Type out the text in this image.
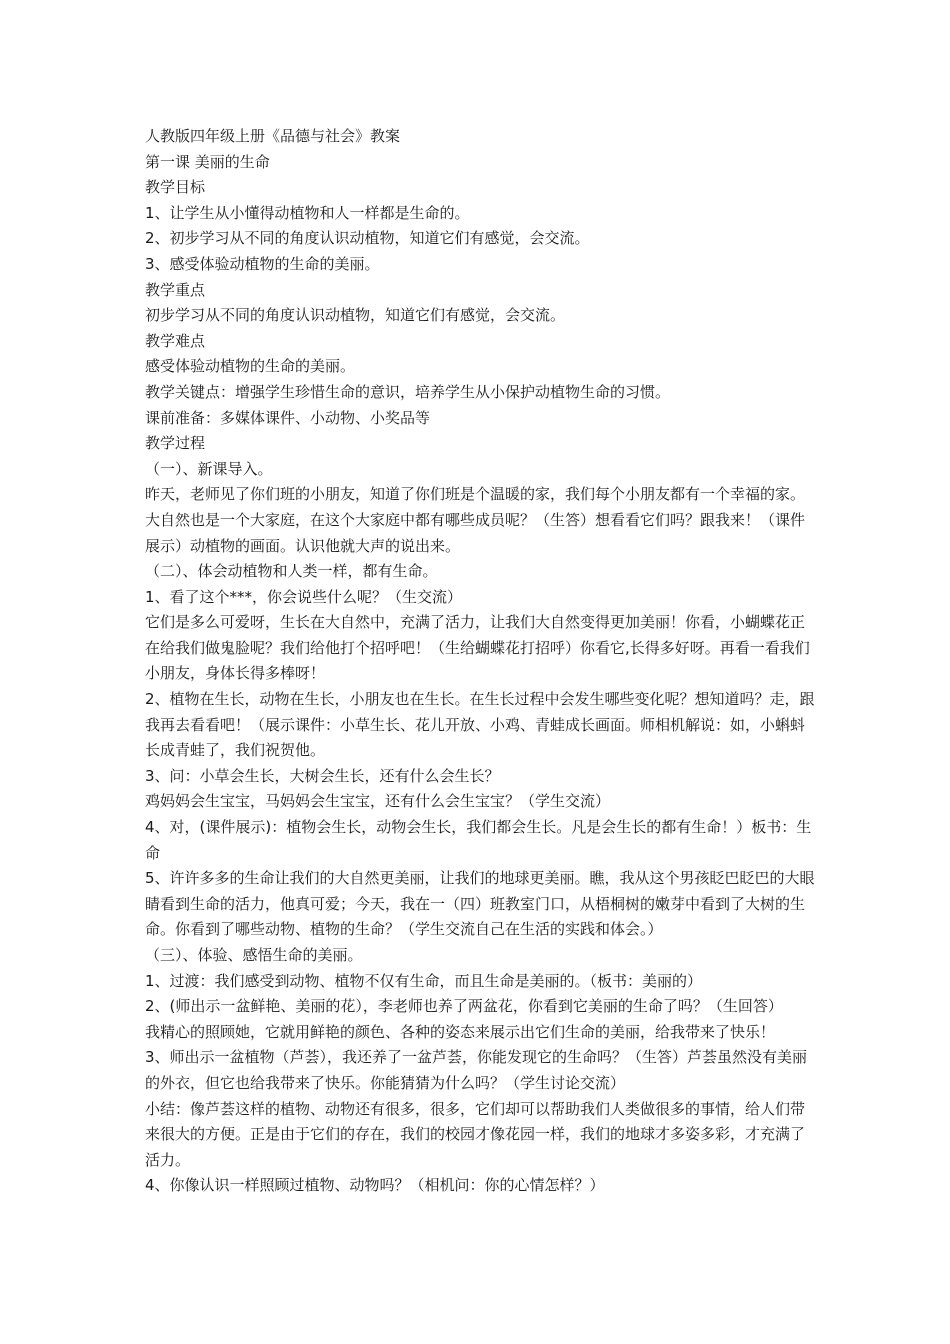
人教版四年级上册《品德与社会》教案

第一课 美丽的生命

教学目标

1、让学生从小懂得动植物和人一样都是生命的。

2、初步学习从不同的角度认识动植物，知道它们有感觉，会交流。

3、感受体验动植物的生命的美丽。

教学重点

初步学习从不同的角度认识动植物，知道它们有感觉，会交流。

教学难点

感受体验动植物的生命的美丽。

教学关键点：增强学生珍惜生命的意识，培养学生从小保护动植物生命的习惯。

课前准备：多媒体课件、小动物、小奖品等

教学过程

（一）、新课导入。

昨天，老师见了你们班的小朋友，知道了你们班是个温暖的家，我们每个小朋友都有一个幸福的家。大自然也是一个大家庭，在这个大家庭中都有哪些成员呢？（生答）想看看它们吗？跟我来！（课件展示）动植物的画面。认识他就大声的说出来。

（二）、体会动植物和人类一样，都有生命。

1、看了这个***，你会说些什么呢？（生交流）

它们是多么可爱呀，生长在大自然中，充满了活力，让我们大自然变得更加美丽！你看，小蝴蝶花正在给我们做鬼脸呢？我们给他打个招呼吧！（生给蝴蝶花打招呼）你看它,长得多好呀。再看一看我们小朋友，身体长得多棒呀！

2、植物在生长，动物在生长，小朋友也在生长。在生长过程中会发生哪些变化呢？想知道吗？走，跟我再去看看吧！（展示课件：小草生长、花儿开放、小鸡、青蛙成长画面。师相机解说：如，小蝌蚪长成青蛙了，我们祝贺他。

3、问：小草会生长，大树会生长，还有什么会生长？

鸡妈妈会生宝宝，马妈妈会生宝宝，还有什么会生宝宝？（学生交流）

4、对，(课件展示)：植物会生长，动物会生长，我们都会生长。凡是会生长的都有生命！）板书：生命

5、许许多多的生命让我们的大自然更美丽，让我们的地球更美丽。瞧，我从这个男孩眨巴眨巴的大眼睛看到生命的活力，他真可爱；今天，我在一（四）班教室门口，从梧桐树的嫩芽中看到了大树的生命。你看到了哪些动物、植物的生命？（学生交流自己在生活的实践和体会。）

（三）、体验、感悟生命的美丽。

1、过渡：我们感受到动物、植物不仅有生命，而且生命是美丽的。（板书：美丽的）

2、(师出示一盆鲜艳、美丽的花），李老师也养了两盆花，你看到它美丽的生命了吗？（生回答）

我精心的照顾她，它就用鲜艳的颜色、各种的姿态来展示出它们生命的美丽，给我带来了快乐！

3、师出示一盆植物（芦荟），我还养了一盆芦荟，你能发现它的生命吗？（生答）芦荟虽然没有美丽的外衣，但它也给我带来了快乐。你能猜猜为什么吗？（学生讨论交流）

小结：像芦荟这样的植物、动物还有很多，很多，它们却可以帮助我们人类做很多的事情，给人们带来很大的方便。正是由于它们的存在，我们的校园才像花园一样，我们的地球才多姿多彩，才充满了活力。

4、你像认识一样照顾过植物、动物吗？（相机问：你的心情怎样？）
